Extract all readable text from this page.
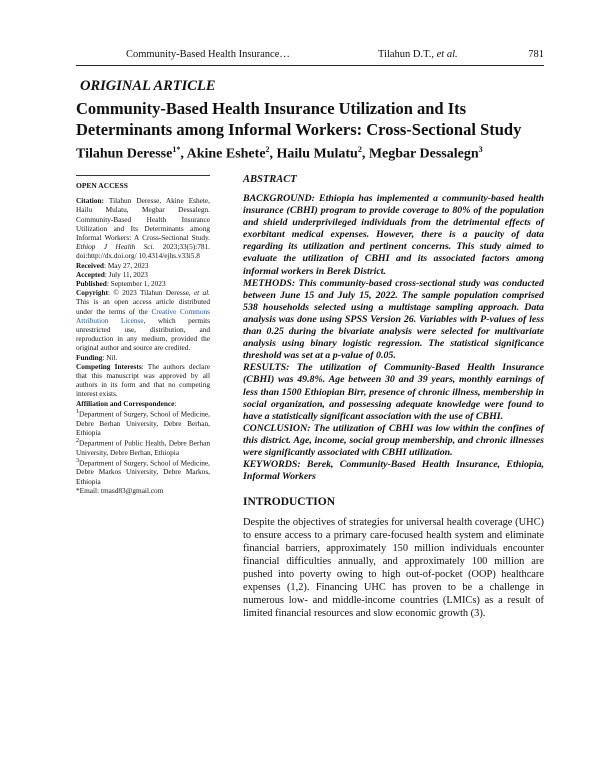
Community-Based Health Insurance…	Tilahun D.T., et al.	781
ORIGINAL ARTICLE
Community-Based Health Insurance Utilization and Its Determinants among Informal Workers: Cross-Sectional Study
Tilahun Deresse$^{1*}$, Akine Eshete$^2$, Hailu Mulatu$^2$, Megbar Dessalegn$^3$
OPEN ACCESS

Citation: Tilahun Deresse, Akine Eshete, Hailu Mulatu, Megbar Dessalegn. Community-Based Health Insurance Utilization and Its Determinants among Informal Workers: A Cross-Sectional Study. Ethiop J Health Sci. 2023;33(5):781. doi:http://dx.doi.org/ 10.4314/ejhs.v33i5.8

Received: May 27, 2023

Accepted: July 11, 2023

Published: September 1, 2023

Copyright: © 2023 Tilahun Deresse, et al. This is an open access article distributed under the terms of the Creative Commons Attribution License, which permits unrestricted use, distribution, and reproduction in any medium, provided the original author and source are credited.

Funding: Nil.

Competing Interests: The authors declare that this manuscript was approved by all authors in its form and that no competing interest exists.

Affiliation and Correspondence:

$^1$Department of Surgery, School of Medicine, Debre Berhan University, Debre Berhan, Ethiopia

$^2$Department of Public Health, Debre Berhan University, Debre Berhan, Ethiopia

$^3$Department of Surgery, School of Medicine, Debre Markos University, Debre Markos, Ethiopia

*Email: tmasd83@gmail.com

ABSTRACT

BACKGROUND: Ethiopia has implemented a community-based health insurance (CBHI) program to provide coverage to 80% of the population and shield underprivileged individuals from the detrimental effects of exorbitant medical expenses. However, there is a paucity of data regarding its utilization and pertinent concerns. This study aimed to evaluate the utilization of CBHI and its associated factors among informal workers in Berek District.
METHODS: This community-based cross-sectional study was conducted between June 15 and July 15, 2022. The sample population comprised 538 households selected using a multistage sampling approach. Data analysis was done using SPSS Version 26. Variables with P-values of less than 0.25 during the bivariate analysis were selected for multivariate analysis using binary logistic regression. The statistical significance threshold was set at a p-value of 0.05.
RESULTS: The utilization of Community-Based Health Insurance (CBHI) was 49.8%. Age between 30 and 39 years, monthly earnings of less than 1500 Ethiopian Birr, presence of chronic illness, membership in social organization, and possessing adequate knowledge were found to have a statistically significant association with the use of CBHI.
CONCLUSION: The utilization of CBHI was low within the confines of this district. Age, income, social group membership, and chronic illnesses were significantly associated with CBHI utilization.
KEYWORDS: Berek, Community-Based Health Insurance, Ethiopia, Informal Workers

INTRODUCTION

Despite the objectives of strategies for universal health coverage (UHC) to ensure access to a primary care-focused health system and eliminate financial barriers, approximately 150 million individuals encounter financial difficulties annually, and approximately 100 million are pushed into poverty owing to high out-of-pocket (OOP) healthcare expenses (1,2). Financing UHC has proven to be a challenge in numerous low- and middle-income countries (LMICs) as a result of limited financial resources and slow economic growth (3).
